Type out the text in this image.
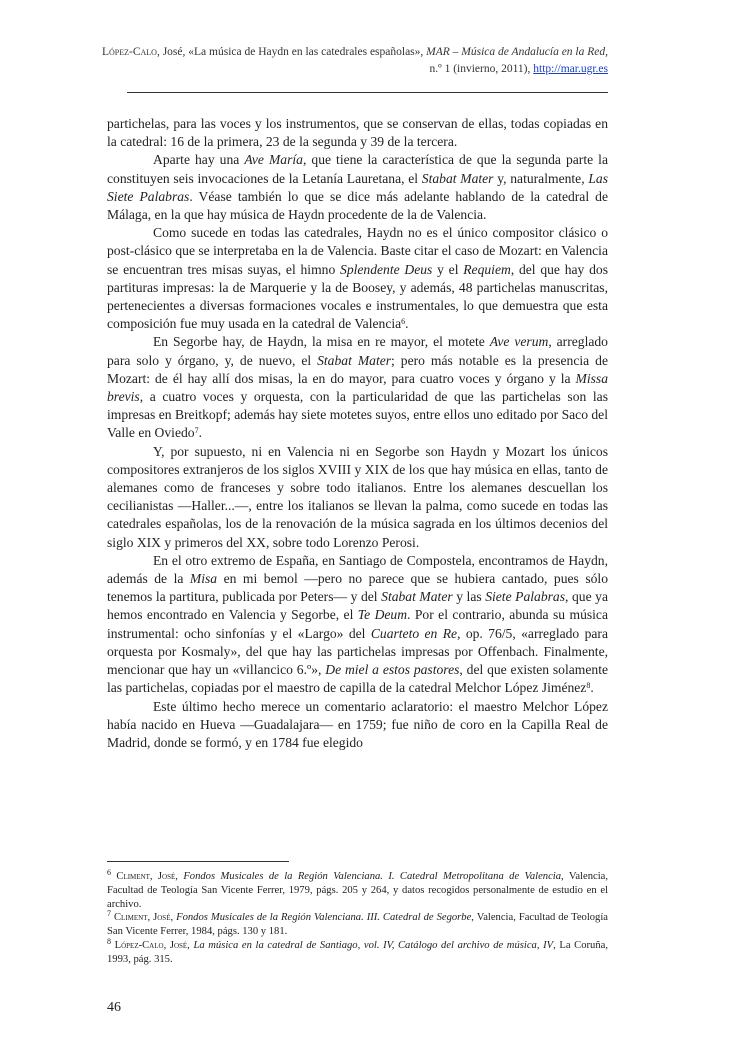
López-Calo, José, «La música de Haydn en las catedrales españolas», MAR – Música de Andalucía en la Red, n.º 1 (invierno, 2011), http://mar.ugr.es

partichelas, para las voces y los instrumentos, que se conservan de ellas, todas copiadas en la catedral: 16 de la primera, 23 de la segunda y 39 de la tercera.

Aparte hay una Ave María, que tiene la característica de que la segunda parte la constituyen seis invocaciones de la Letanía Lauretana, el Stabat Mater y, naturalmente, Las Siete Palabras. Véase también lo que se dice más adelante hablando de la catedral de Málaga, en la que hay música de Haydn procedente de la de Valencia.

Como sucede en todas las catedrales, Haydn no es el único compositor clásico o post-clásico que se interpretaba en la de Valencia. Baste citar el caso de Mozart: en Valencia se encuentran tres misas suyas, el himno Splendente Deus y el Requiem, del que hay dos partituras impresas: la de Marquerie y la de Boosey, y además, 48 partichelas manuscritas, pertenecientes a diversas formaciones vocales e instrumentales, lo que demuestra que esta composición fue muy usada en la catedral de Valencia$^6$.

En Segorbe hay, de Haydn, la misa en re mayor, el motete Ave verum, arreglado para solo y órgano, y, de nuevo, el Stabat Mater; pero más notable es la presencia de Mozart: de él hay allí dos misas, la en do mayor, para cuatro voces y órgano y la Missa brevis, a cuatro voces y orquesta, con la particularidad de que las partichelas son las impresas en Breitkopf; además hay siete motetes suyos, entre ellos uno editado por Saco del Valle en Oviedo$^7$.

Y, por supuesto, ni en Valencia ni en Segorbe son Haydn y Mozart los únicos compositores extranjeros de los siglos XVIII y XIX de los que hay música en ellas, tanto de alemanes como de franceses y sobre todo italianos. Entre los alemanes descuellan los cecilianistas —Haller...—, entre los italianos se llevan la palma, como sucede en todas las catedrales españolas, los de la renovación de la música sagrada en los últimos decenios del siglo XIX y primeros del XX, sobre todo Lorenzo Perosi.

En el otro extremo de España, en Santiago de Compostela, encontramos de Haydn, además de la Misa en mi bemol —pero no parece que se hubiera cantado, pues sólo tenemos la partitura, publicada por Peters— y del Stabat Mater y las Siete Palabras, que ya hemos encontrado en Valencia y Segorbe, el Te Deum. Por el contrario, abunda su música instrumental: ocho sinfonías y el «Largo» del Cuarteto en Re, op. 76/5, «arreglado para orquesta por Kosmaly», del que hay las partichelas impresas por Offenbach. Finalmente, mencionar que hay un «villancico 6.º», De miel a estos pastores, del que existen solamente las partichelas, copiadas por el maestro de capilla de la catedral Melchor López Jiménez$^8$.

Este último hecho merece un comentario aclaratorio: el maestro Melchor López había nacido en Hueva —Guadalajara— en 1759; fue niño de coro en la Capilla Real de Madrid, donde se formó, y en 1784 fue elegido

$^6$ Climent, José, Fondos Musicales de la Región Valenciana. I. Catedral Metropolitana de Valencia, Valencia, Facultad de Teología San Vicente Ferrer, 1979, págs. 205 y 264, y datos recogidos personalmente de estudio en el archivo.

$^7$ Climent, José, Fondos Musicales de la Región Valenciana. III. Catedral de Segorbe, Valencia, Facultad de Teología San Vicente Ferrer, 1984, págs. 130 y 181.

$^8$ López-Calo, José, La música en la catedral de Santiago, vol. IV, Catálogo del archivo de música, IV, La Coruña, 1993, pág. 315.

46
